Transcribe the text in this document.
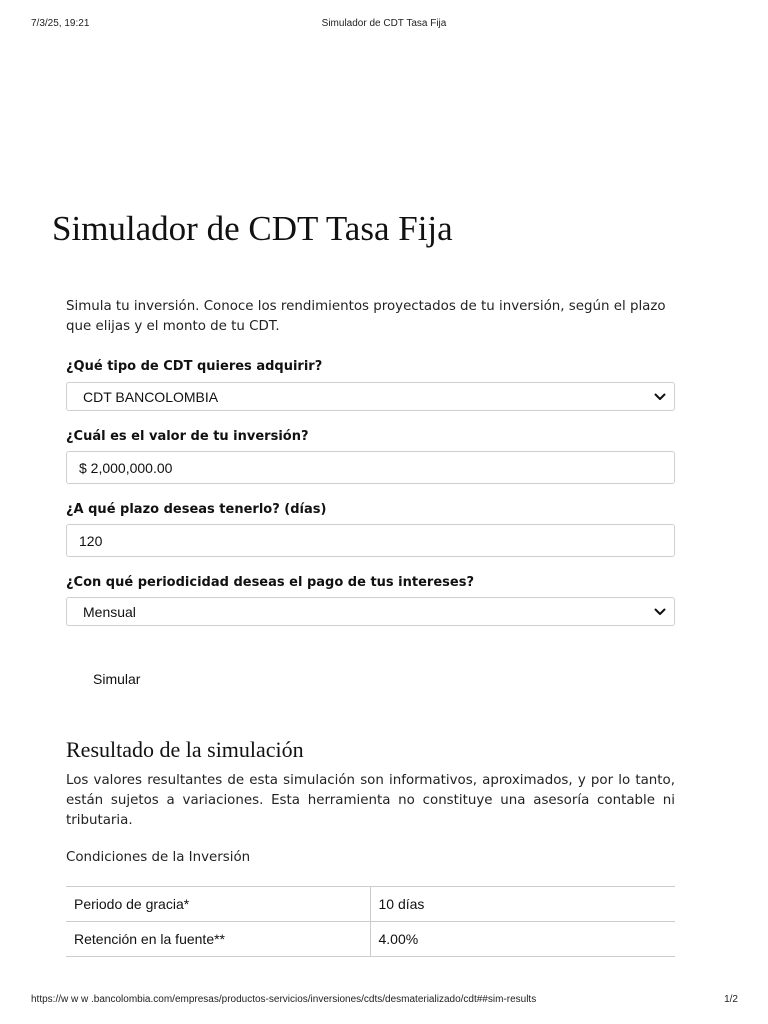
7/3/25, 19:21	Simulador de CDT Tasa Fija
Simulador de CDT Tasa Fija

Simula tu inversión. Conoce los rendimientos proyectados de tu inversión, según el plazo que elijas y el monto de tu CDT.

¿Qué tipo de CDT quieres adquirir?

CDT BANCOLOMBIA

¿Cuál es el valor de tu inversión?

$ 2,000,000.00

¿A qué plazo deseas tenerlo? (días)

120

¿Con qué periodicidad deseas el pago de tus intereses?

Mensual
Simular
Resultado de la simulación

Los valores resultantes de esta simulación son informativos, aproximados, y por lo tanto, están sujetos a variaciones. Esta herramienta no constituye una asesoría contable ni tributaria.

Condiciones de la Inversión

Periodo de gracia*	10 días
Retención en la fuente**	4.00%
https://w w w .bancolombia.com/empresas/productos-servicios/inversiones/cdts/desmaterializado/cdt##sim-results	1/2
